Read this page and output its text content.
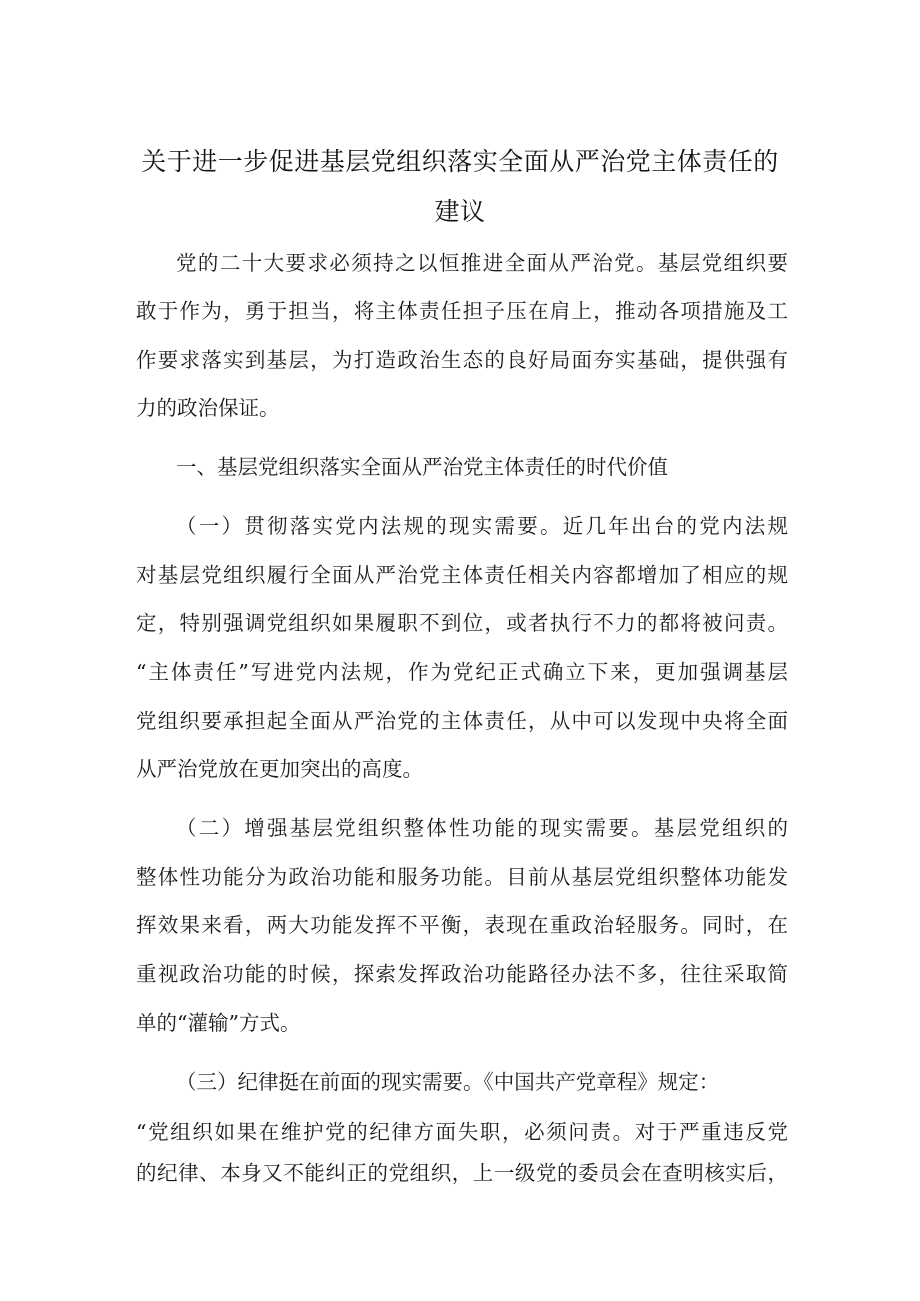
关于进一步促进基层党组织落实全面从严治党主体责任的
建议
党的二十大要求必须持之以恒推进全面从严治党。基层党组织要
敢于作为，勇于担当，将主体责任担子压在肩上，推动各项措施及工
作要求落实到基层，为打造政治生态的良好局面夯实基础，提供强有
力的政治保证。
一、基层党组织落实全面从严治党主体责任的时代价值
（一）贯彻落实党内法规的现实需要。近几年出台的党内法规
对基层党组织履行全面从严治党主体责任相关内容都增加了相应的规
定，特别强调党组织如果履职不到位，或者执行不力的都将被问责。
“主体责任”写进党内法规，作为党纪正式确立下来，更加强调基层
党组织要承担起全面从严治党的主体责任，从中可以发现中央将全面
从严治党放在更加突出的高度。
（二）增强基层党组织整体性功能的现实需要。基层党组织的
整体性功能分为政治功能和服务功能。目前从基层党组织整体功能发
挥效果来看，两大功能发挥不平衡，表现在重政治轻服务。同时，在
重视政治功能的时候，探索发挥政治功能路径办法不多，往往采取简
单的“灌输”方式。
（三）纪律挺在前面的现实需要。《中国共产党章程》规定：
“党组织如果在维护党的纪律方面失职，必须问责。对于严重违反党
的纪律、本身又不能纠正的党组织，上一级党的委员会在查明核实后，
